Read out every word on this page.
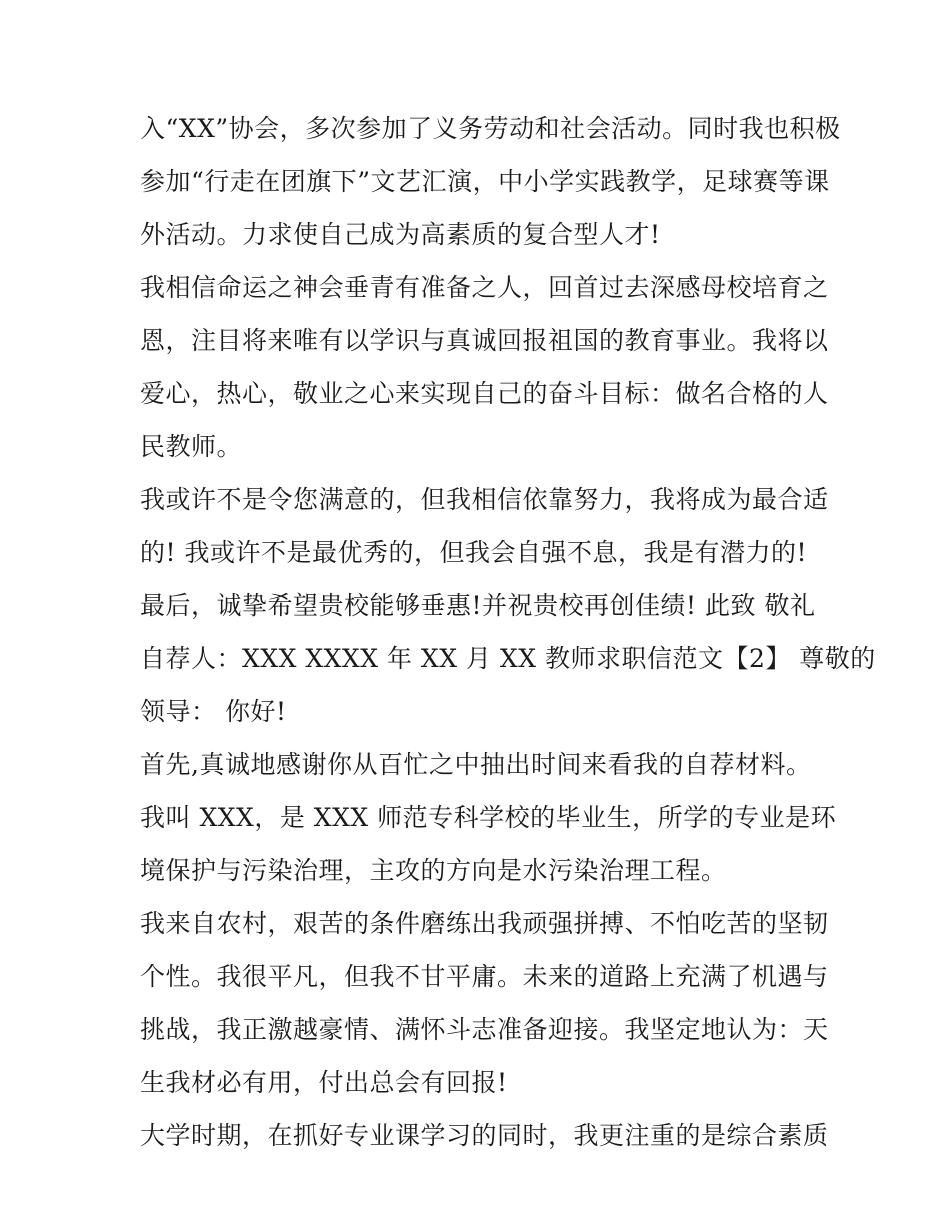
入“XX”协会，多次参加了义务劳动和社会活动。同时我也积极
参加“行走在团旗下”文艺汇演，中小学实践教学，足球赛等课
外活动。力求使自己成为高素质的复合型人才!
我相信命运之神会垂青有准备之人，回首过去深感母校培育之
恩，注目将来唯有以学识与真诚回报祖国的教育事业。我将以
爱心，热心，敬业之心来实现自己的奋斗目标：做名合格的人
民教师。
我或许不是令您满意的，但我相信依靠努力，我将成为最合适
的! 我或许不是最优秀的，但我会自强不息，我是有潜力的!
最后，诚挚希望贵校能够垂惠!并祝贵校再创佳绩! 此致 敬礼
自荐人：XXX XXXX 年 XX 月 XX 教师求职信范文【2】 尊敬的
领导： 你好!
首先,真诚地感谢你从百忙之中抽出时间来看我的自荐材料。
我叫 XXX，是 XXX 师范专科学校的毕业生，所学的专业是环
境保护与污染治理，主攻的方向是水污染治理工程。
我来自农村，艰苦的条件磨练出我顽强拼搏、不怕吃苦的坚韧
个性。我很平凡，但我不甘平庸。未来的道路上充满了机遇与
挑战，我正激越豪情、满怀斗志准备迎接。我坚定地认为：天
生我材必有用，付出总会有回报!
大学时期，在抓好专业课学习的同时，我更注重的是综合素质
